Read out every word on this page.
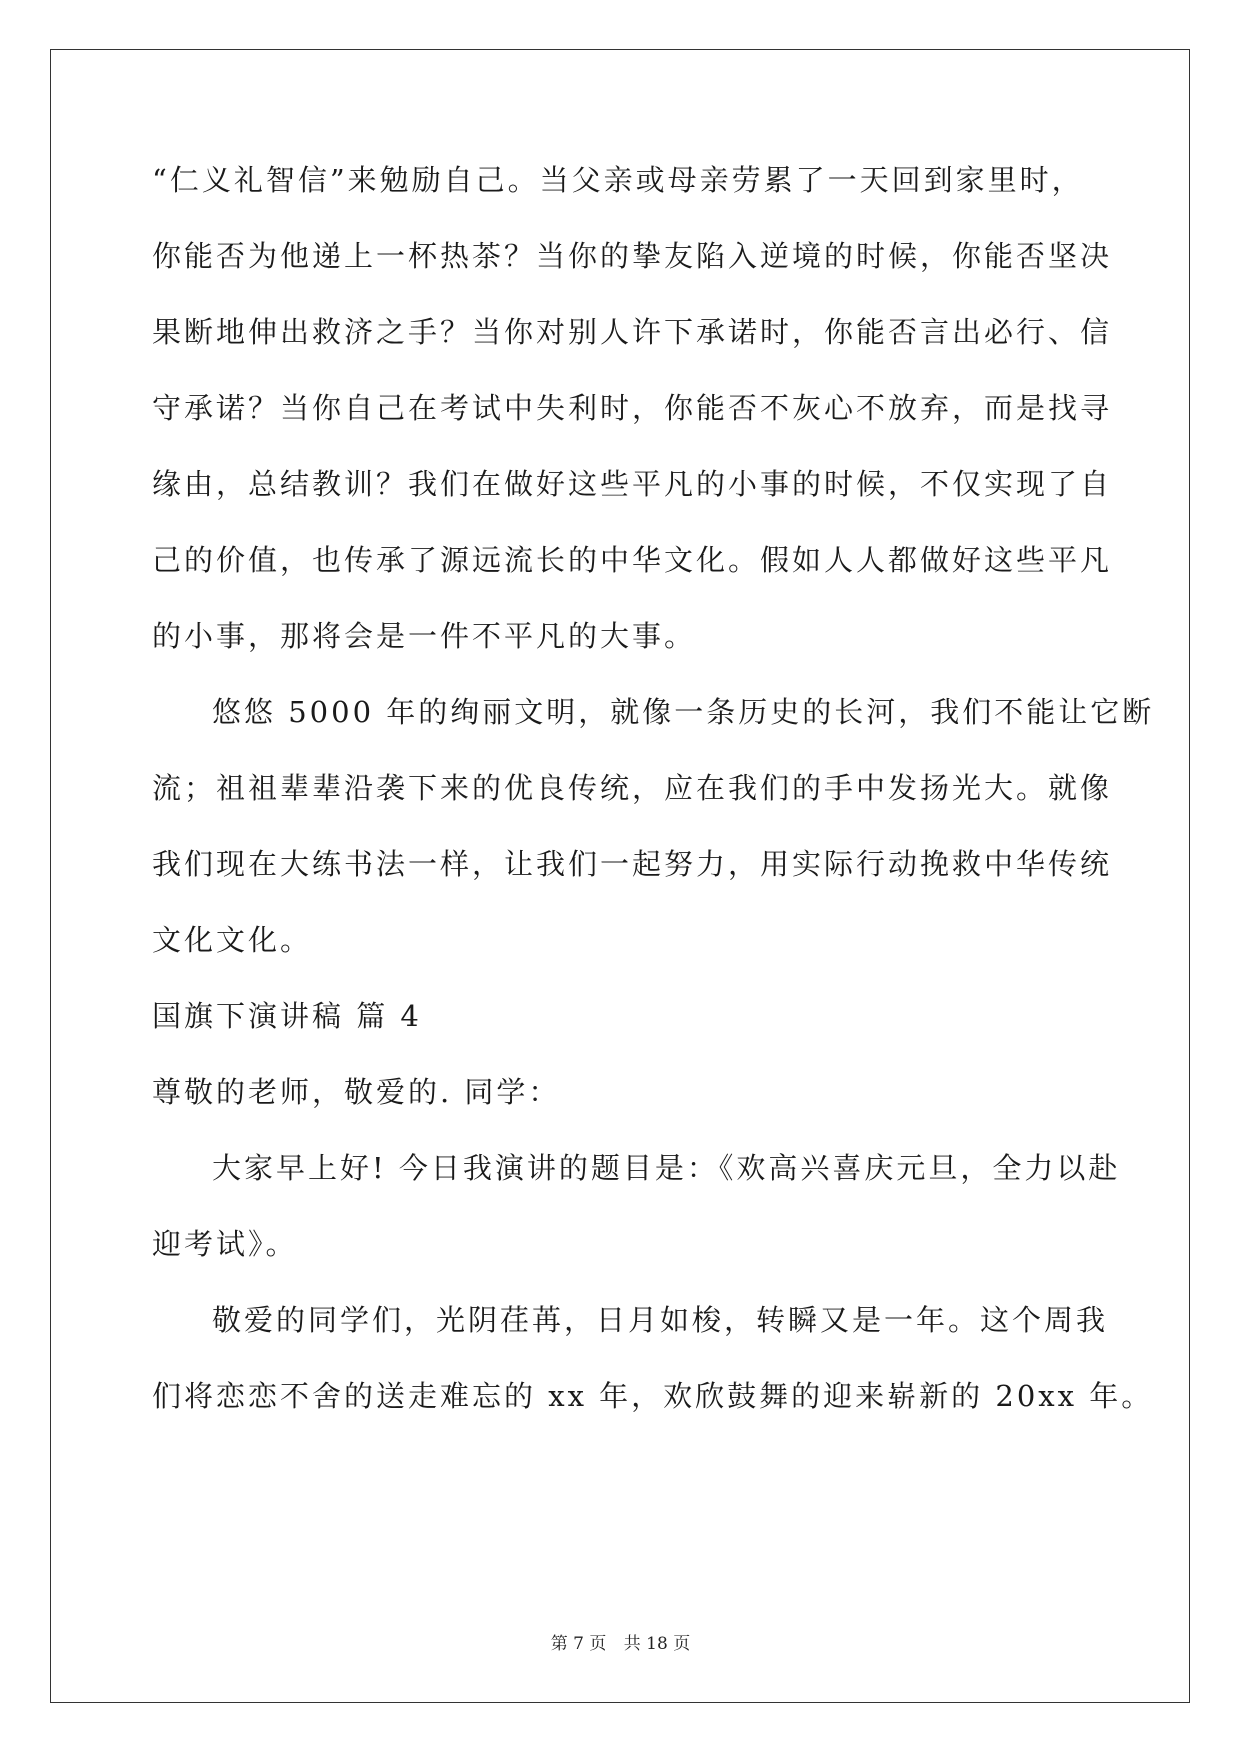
“仁义礼智信”来勉励自己。当父亲或母亲劳累了一天回到家里时，
你能否为他递上一杯热茶？当你的挚友陷入逆境的时候，你能否坚决
果断地伸出救济之手？当你对别人许下承诺时，你能否言出必行、信
守承诺？当你自己在考试中失利时，你能否不灰心不放弃，而是找寻
缘由，总结教训？我们在做好这些平凡的小事的时候，不仅实现了自
己的价值，也传承了源远流长的中华文化。假如人人都做好这些平凡
的小事，那将会是一件不平凡的大事。
悠悠 5000 年的绚丽文明，就像一条历史的长河，我们不能让它断
流；祖祖辈辈沿袭下来的优良传统，应在我们的手中发扬光大。就像
我们现在大练书法一样，让我们一起努力，用实际行动挽救中华传统
文化文化。
国旗下演讲稿 篇 4
尊敬的老师，敬爱的. 同学：
大家早上好! 今日我演讲的题目是：《欢高兴喜庆元旦，全力以赴
迎考试》。
敬爱的同学们，光阴荏苒，日月如梭，转瞬又是一年。这个周我
们将恋恋不舍的送走难忘的 xx 年，欢欣鼓舞的迎来崭新的 20xx 年。
第 7 页 共 18 页
